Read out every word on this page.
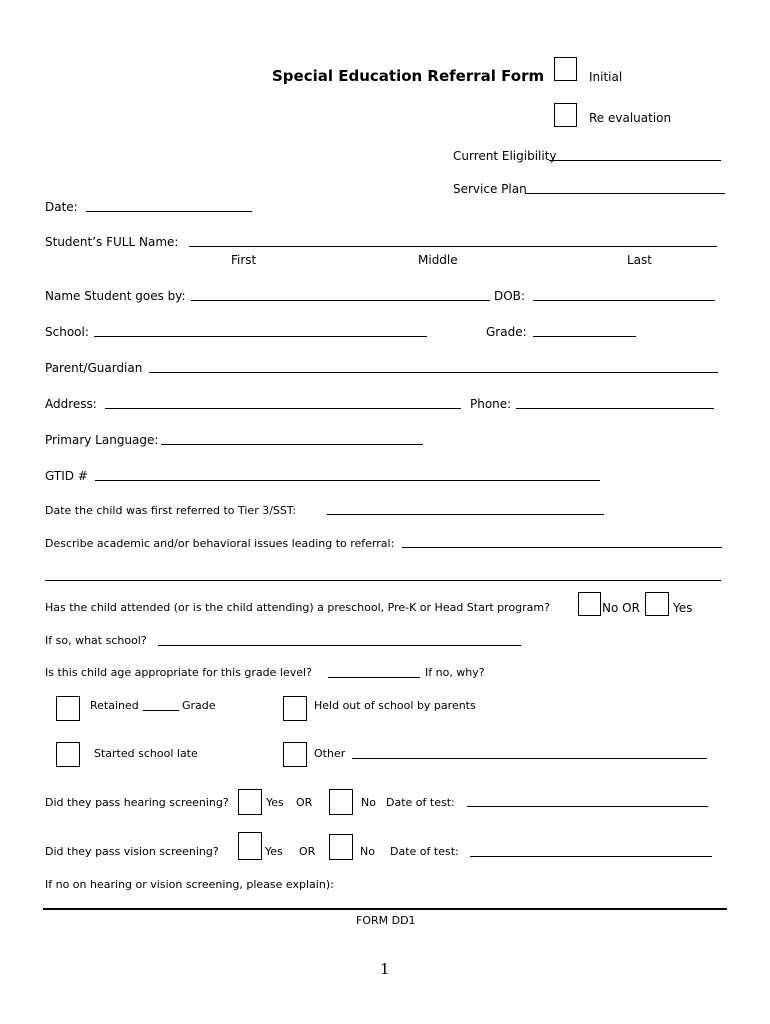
Special Education Referral Form	Initial
Re evaluation
Current Eligibility
Service Plan
Date:
Student’s FULL Name:
First	Middle	Last
Name Student goes by:	DOB:
School:	Grade:
Parent/Guardian
Address:	Phone:
Primary Language:
GTID #
Date the child was first referred to Tier 3/SST:
Describe academic and/or behavioral issues leading to referral:
Has the child attended (or is the child attending) a preschool, Pre-K or Head Start program?	No OR	Yes
If so, what school?
Is this child age appropriate for this grade level?	If no, why?
Retained	Grade	Held out of school by parents
Started school late	Other
Did they pass hearing screening?	Yes OR	No Date of test:
Did they pass vision screening?	Yes OR	No Date of test:
If no on hearing or vision screening, please explain):
FORM DD1
1
